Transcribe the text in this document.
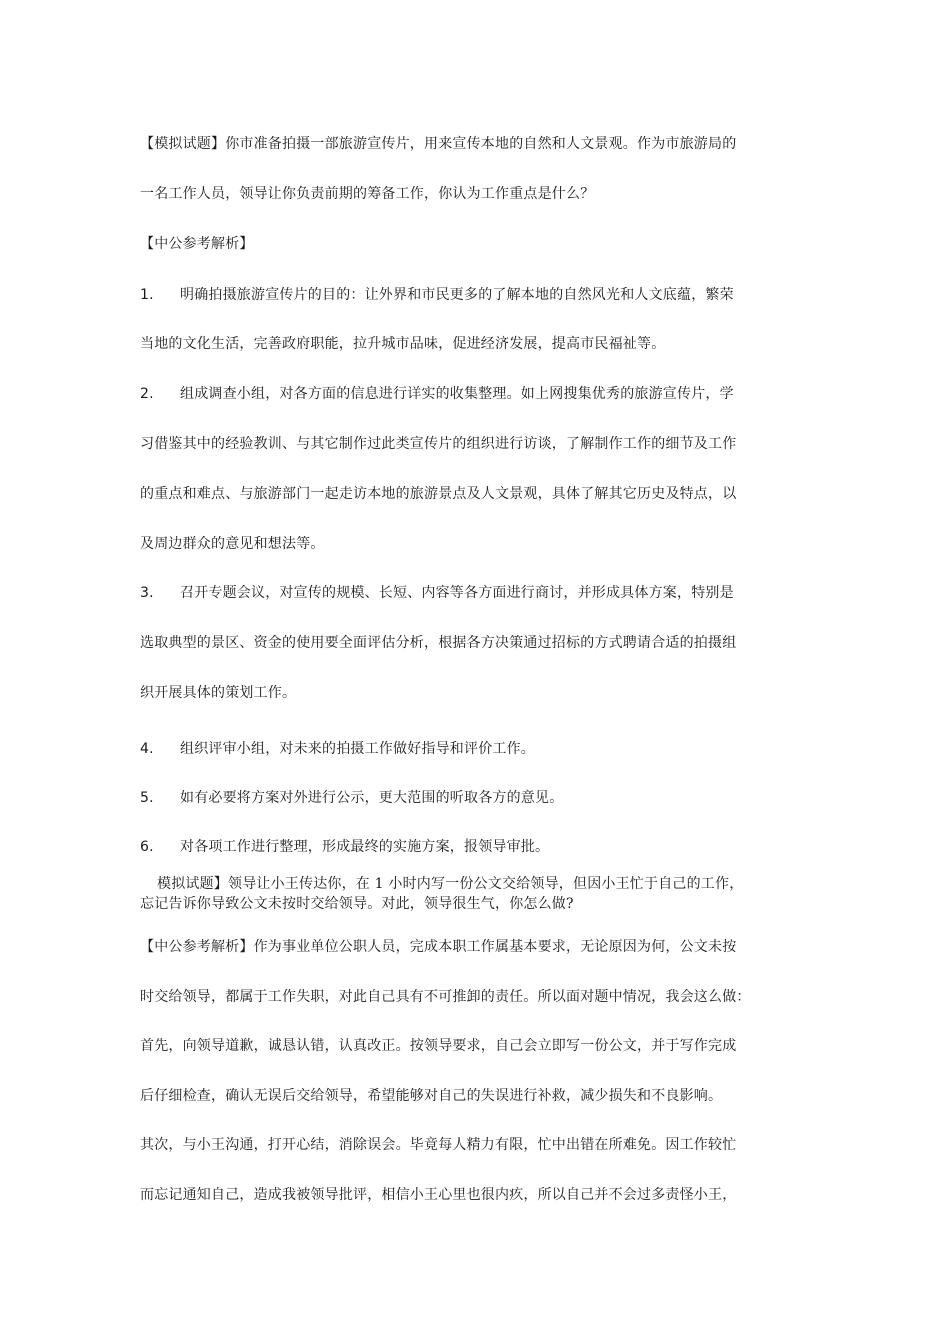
【模拟试题】你市准备拍摄一部旅游宣传片，用来宣传本地的自然和人文景观。作为市旅游局的
一名工作人员，领导让你负责前期的筹备工作，你认为工作重点是什么？
【中公参考解析】
1. 明确拍摄旅游宣传片的目的：让外界和市民更多的了解本地的自然风光和人文底蕴，繁荣
当地的文化生活，完善政府职能，拉升城市品味，促进经济发展，提高市民福祉等。
2. 组成调查小组，对各方面的信息进行详实的收集整理。如上网搜集优秀的旅游宣传片，学
习借鉴其中的经验教训、与其它制作过此类宣传片的组织进行访谈，了解制作工作的细节及工作
的重点和难点、与旅游部门一起走访本地的旅游景点及人文景观，具体了解其它历史及特点，以
及周边群众的意见和想法等。
3. 召开专题会议，对宣传的规模、长短、内容等各方面进行商讨，并形成具体方案，特别是
选取典型的景区、资金的使用要全面评估分析，根据各方决策通过招标的方式聘请合适的拍摄组
织开展具体的策划工作。
4. 组织评审小组，对未来的拍摄工作做好指导和评价工作。
5. 如有必要将方案对外进行公示，更大范围的听取各方的意见。
6. 对各项工作进行整理，形成最终的实施方案，报领导审批。
模拟试题】领导让小王传达你，在 1 小时内写一份公文交给领导，但因小王忙于自己的工作，
忘记告诉你导致公文未按时交给领导。对此，领导很生气，你怎么做?
【中公参考解析】作为事业单位公职人员，完成本职工作属基本要求，无论原因为何，公文未按
时交给领导，都属于工作失职，对此自己具有不可推卸的责任。所以面对题中情况，我会这么做：
首先，向领导道歉，诚恳认错，认真改正。按领导要求，自己会立即写一份公文，并于写作完成
后仔细检查，确认无误后交给领导，希望能够对自己的失误进行补救，减少损失和不良影响。
其次，与小王沟通，打开心结，消除误会。毕竟每人精力有限，忙中出错在所难免。因工作较忙
而忘记通知自己，造成我被领导批评，相信小王心里也很内疚，所以自己并不会过多责怪小王，
